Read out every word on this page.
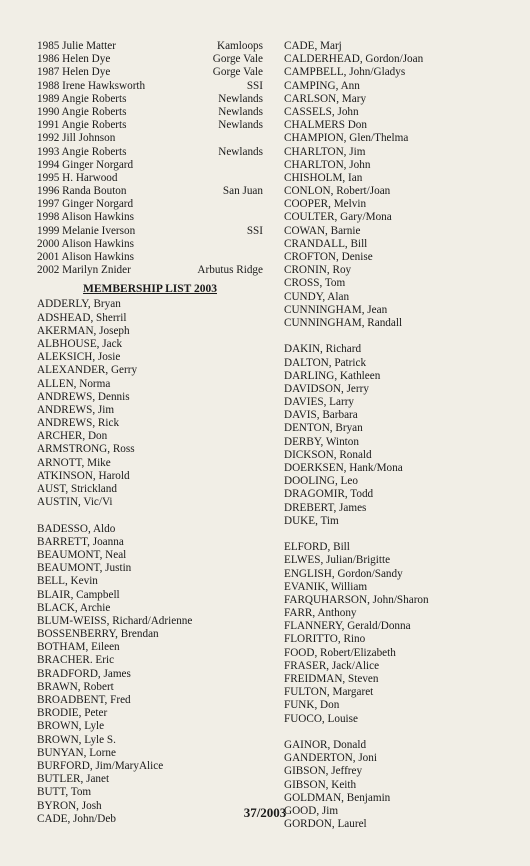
1985 Julie Matter	Kamloops
1986 Helen Dye	Gorge Vale
1987 Helen Dye	Gorge Vale
1988 Irene Hawksworth	SSI
1989 Angie Roberts	Newlands
1990 Angie Roberts	Newlands
1991 Angie Roberts	Newlands
1992 Jill Johnson
1993 Angie Roberts	Newlands
1994 Ginger Norgard
1995 H. Harwood
1996 Randa Bouton	San Juan
1997 Ginger Norgard
1998 Alison Hawkins
1999 Melanie Iverson	SSI
2000 Alison Hawkins
2001 Alison Hawkins
2002 Marilyn Znider	Arbutus Ridge
MEMBERSHIP LIST 2003
ADDERLY, Bryan
ADSHEAD, Sherril
AKERMAN, Joseph
ALBHOUSE, Jack
ALEKSICH, Josie
ALEXANDER, Gerry
ALLEN, Norma
ANDREWS, Dennis
ANDREWS, Jim
ANDREWS, Rick
ARCHER, Don
ARMSTRONG, Ross
ARNOTT, Mike
ATKINSON, Harold
AUST, Strickland
AUSTIN, Vic/Vi
BADESSO, Aldo
BARRETT, Joanna
BEAUMONT, Neal
BEAUMONT, Justin
BELL, Kevin
BLAIR, Campbell
BLACK, Archie
BLUM-WEISS, Richard/Adrienne
BOSSENBERRY, Brendan
BOTHAM, Eileen
BRACHER. Eric
BRADFORD, James
BRAWN, Robert
BROADBENT, Fred
BRODIE, Peter
BROWN, Lyle
BROWN, Lyle S.
BUNYAN, Lorne
BURFORD, Jim/MaryAlice
BUTLER, Janet
BUTT, Tom
BYRON, Josh
CADE, John/Deb
CADE, Marj
CALDERHEAD, Gordon/Joan
CAMPBELL, John/Gladys
CAMPING, Ann
CARLSON, Mary
CASSELS, John
CHALMERS Don
CHAMPION, Glen/Thelma
CHARLTON, Jim
CHARLTON, John
CHISHOLM, Ian
CONLON, Robert/Joan
COOPER, Melvin
COULTER, Gary/Mona
COWAN, Barnie
CRANDALL, Bill
CROFTON, Denise
CRONIN, Roy
CROSS, Tom
CUNDY, Alan
CUNNINGHAM, Jean
CUNNINGHAM, Randall
DAKIN, Richard
DALTON, Patrick
DARLING, Kathleen
DAVIDSON, Jerry
DAVIES, Larry
DAVIS, Barbara
DENTON, Bryan
DERBY, Winton
DICKSON, Ronald
DOERKSEN, Hank/Mona
DOOLING, Leo
DRAGOMIR, Todd
DREBERT, James
DUKE, Tim
ELFORD, Bill
ELWES, Julian/Brigitte
ENGLISH, Gordon/Sandy
EVANIK, William
FARQUHARSON, John/Sharon
FARR, Anthony
FLANNERY, Gerald/Donna
FLORITTO, Rino
FOOD, Robert/Elizabeth
FRASER, Jack/Alice
FREIDMAN, Steven
FULTON, Margaret
FUNK, Don
FUOCO, Louise
GAINOR, Donald
GANDERTON, Joni
GIBSON, Jeffrey
GIBSON, Keith
GOLDMAN, Benjamin
GOOD, Jim
GORDON, Laurel
37/2003
